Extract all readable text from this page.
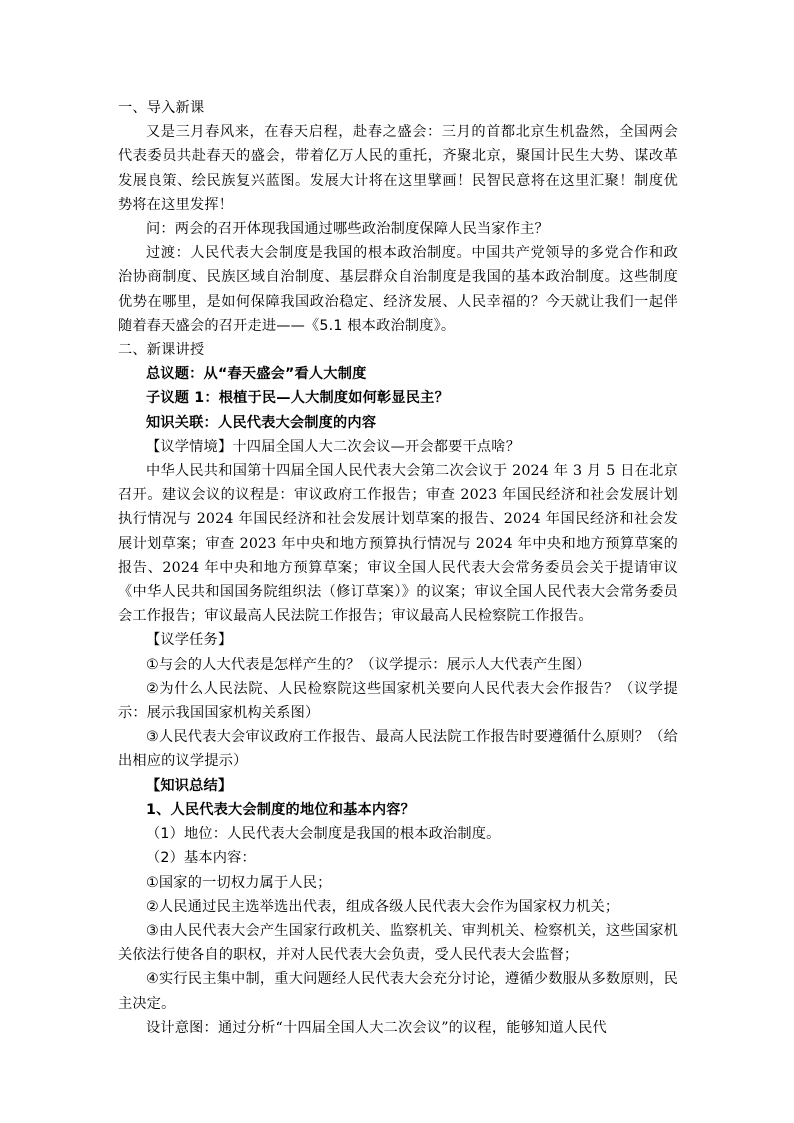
一、导入新课

又是三月春风来，在春天启程，赴春之盛会：三月的首都北京生机盎然，全国两会代表委员共赴春天的盛会，带着亿万人民的重托，齐聚北京，聚国计民生大势、谋改革发展良策、绘民族复兴蓝图。发展大计将在这里擘画！民智民意将在这里汇聚！制度优势将在这里发挥！

问：两会的召开体现我国通过哪些政治制度保障人民当家作主？

过渡：人民代表大会制度是我国的根本政治制度。中国共产党领导的多党合作和政治协商制度、民族区域自治制度、基层群众自治制度是我国的基本政治制度。这些制度优势在哪里，是如何保障我国政治稳定、经济发展、人民幸福的？今天就让我们一起伴随着春天盛会的召开走进——《5.1 根本政治制度》。

二、新课讲授

总议题：从“春天盛会”看人大制度

子议题 1：根植于民—人大制度如何彰显民主？

知识关联：人民代表大会制度的内容

【议学情境】十四届全国人大二次会议—开会都要干点啥？

中华人民共和国第十四届全国人民代表大会第二次会议于 2024 年 3 月 5 日在北京召开。建议会议的议程是：审议政府工作报告；审查 2023 年国民经济和社会发展计划执行情况与 2024 年国民经济和社会发展计划草案的报告、2024 年国民经济和社会发展计划草案；审查 2023 年中央和地方预算执行情况与 2024 年中央和地方预算草案的报告、2024 年中央和地方预算草案；审议全国人民代表大会常务委员会关于提请审议《中华人民共和国国务院组织法（修订草案）》的议案；审议全国人民代表大会常务委员会工作报告；审议最高人民法院工作报告；审议最高人民检察院工作报告。

【议学任务】

①与会的人大代表是怎样产生的？（议学提示：展示人大代表产生图）

②为什么人民法院、人民检察院这些国家机关要向人民代表大会作报告？（议学提示：展示我国国家机构关系图）

③人民代表大会审议政府工作报告、最高人民法院工作报告时要遵循什么原则？（给出相应的议学提示）

【知识总结】

1、人民代表大会制度的地位和基本内容？

（1）地位：人民代表大会制度是我国的根本政治制度。

（2）基本内容：

①国家的一切权力属于人民；

②人民通过民主选举选出代表，组成各级人民代表大会作为国家权力机关；

③由人民代表大会产生国家行政机关、监察机关、审判机关、检察机关，这些国家机关依法行使各自的职权，并对人民代表大会负责，受人民代表大会监督；

④实行民主集中制，重大问题经人民代表大会充分讨论，遵循少数服从多数原则，民主决定。

设计意图：通过分析“十四届全国人大二次会议”的议程，能够知道人民代
